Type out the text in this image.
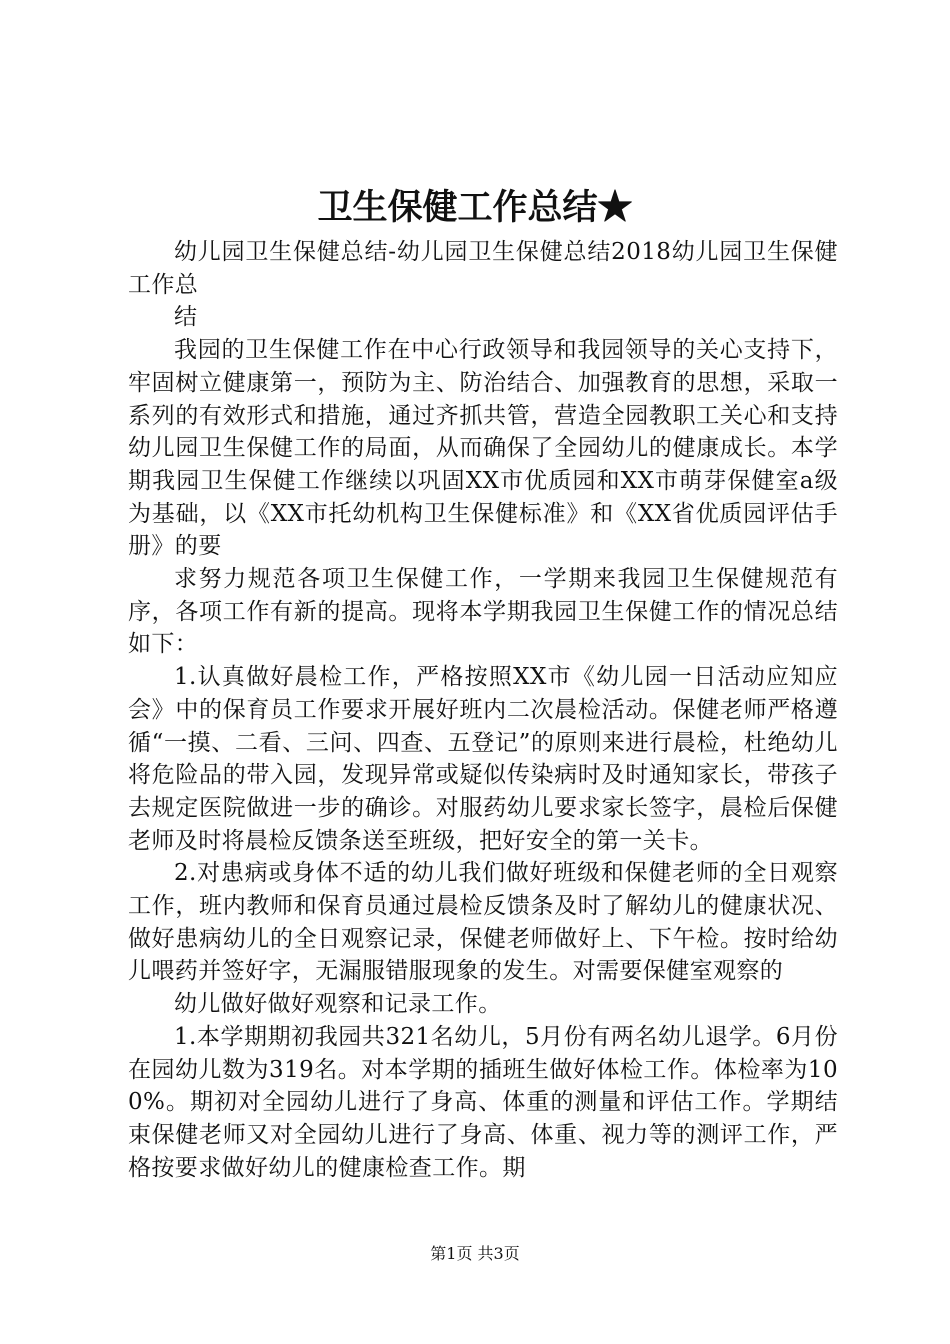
卫生保健工作总结★

幼儿园卫生保健总结-幼儿园卫生保健总结2018幼儿园卫生保健工作总

结

我园的卫生保健工作在中心行政领导和我园领导的关心支持下，牢固树立健康第一，预防为主、防治结合、加强教育的思想，采取一系列的有效形式和措施，通过齐抓共管，营造全园教职工关心和支持幼儿园卫生保健工作的局面，从而确保了全园幼儿的健康成长。本学期我园卫生保健工作继续以巩固XX市优质园和XX市萌芽保健室a级为基础，以《XX市托幼机构卫生保健标准》和《XX省优质园评估手册》的要

求努力规范各项卫生保健工作，一学期来我园卫生保健规范有序，各项工作有新的提高。现将本学期我园卫生保健工作的情况总结如下：

1.认真做好晨检工作，严格按照XX市《幼儿园一日活动应知应会》中的保育员工作要求开展好班内二次晨检活动。保健老师严格遵循“一摸、二看、三问、四查、五登记”的原则来进行晨检，杜绝幼儿将危险品的带入园，发现异常或疑似传染病时及时通知家长，带孩子去规定医院做进一步的确诊。对服药幼儿要求家长签字，晨检后保健老师及时将晨检反馈条送至班级，把好安全的第一关卡。

2.对患病或身体不适的幼儿我们做好班级和保健老师的全日观察工作，班内教师和保育员通过晨检反馈条及时了解幼儿的健康状况、做好患病幼儿的全日观察记录，保健老师做好上、下午检。按时给幼儿喂药并签好字，无漏服错服现象的发生。对需要保健室观察的

幼儿做好做好观察和记录工作。

1.本学期期初我园共321名幼儿，5月份有两名幼儿退学。6月份在园幼儿数为319名。对本学期的插班生做好体检工作。体检率为100%。期初对全园幼儿进行了身高、体重的测量和评估工作。学期结束保健老师又对全园幼儿进行了身高、体重、视力等的测评工作，严格按要求做好幼儿的健康检查工作。期

第1页 共3页
